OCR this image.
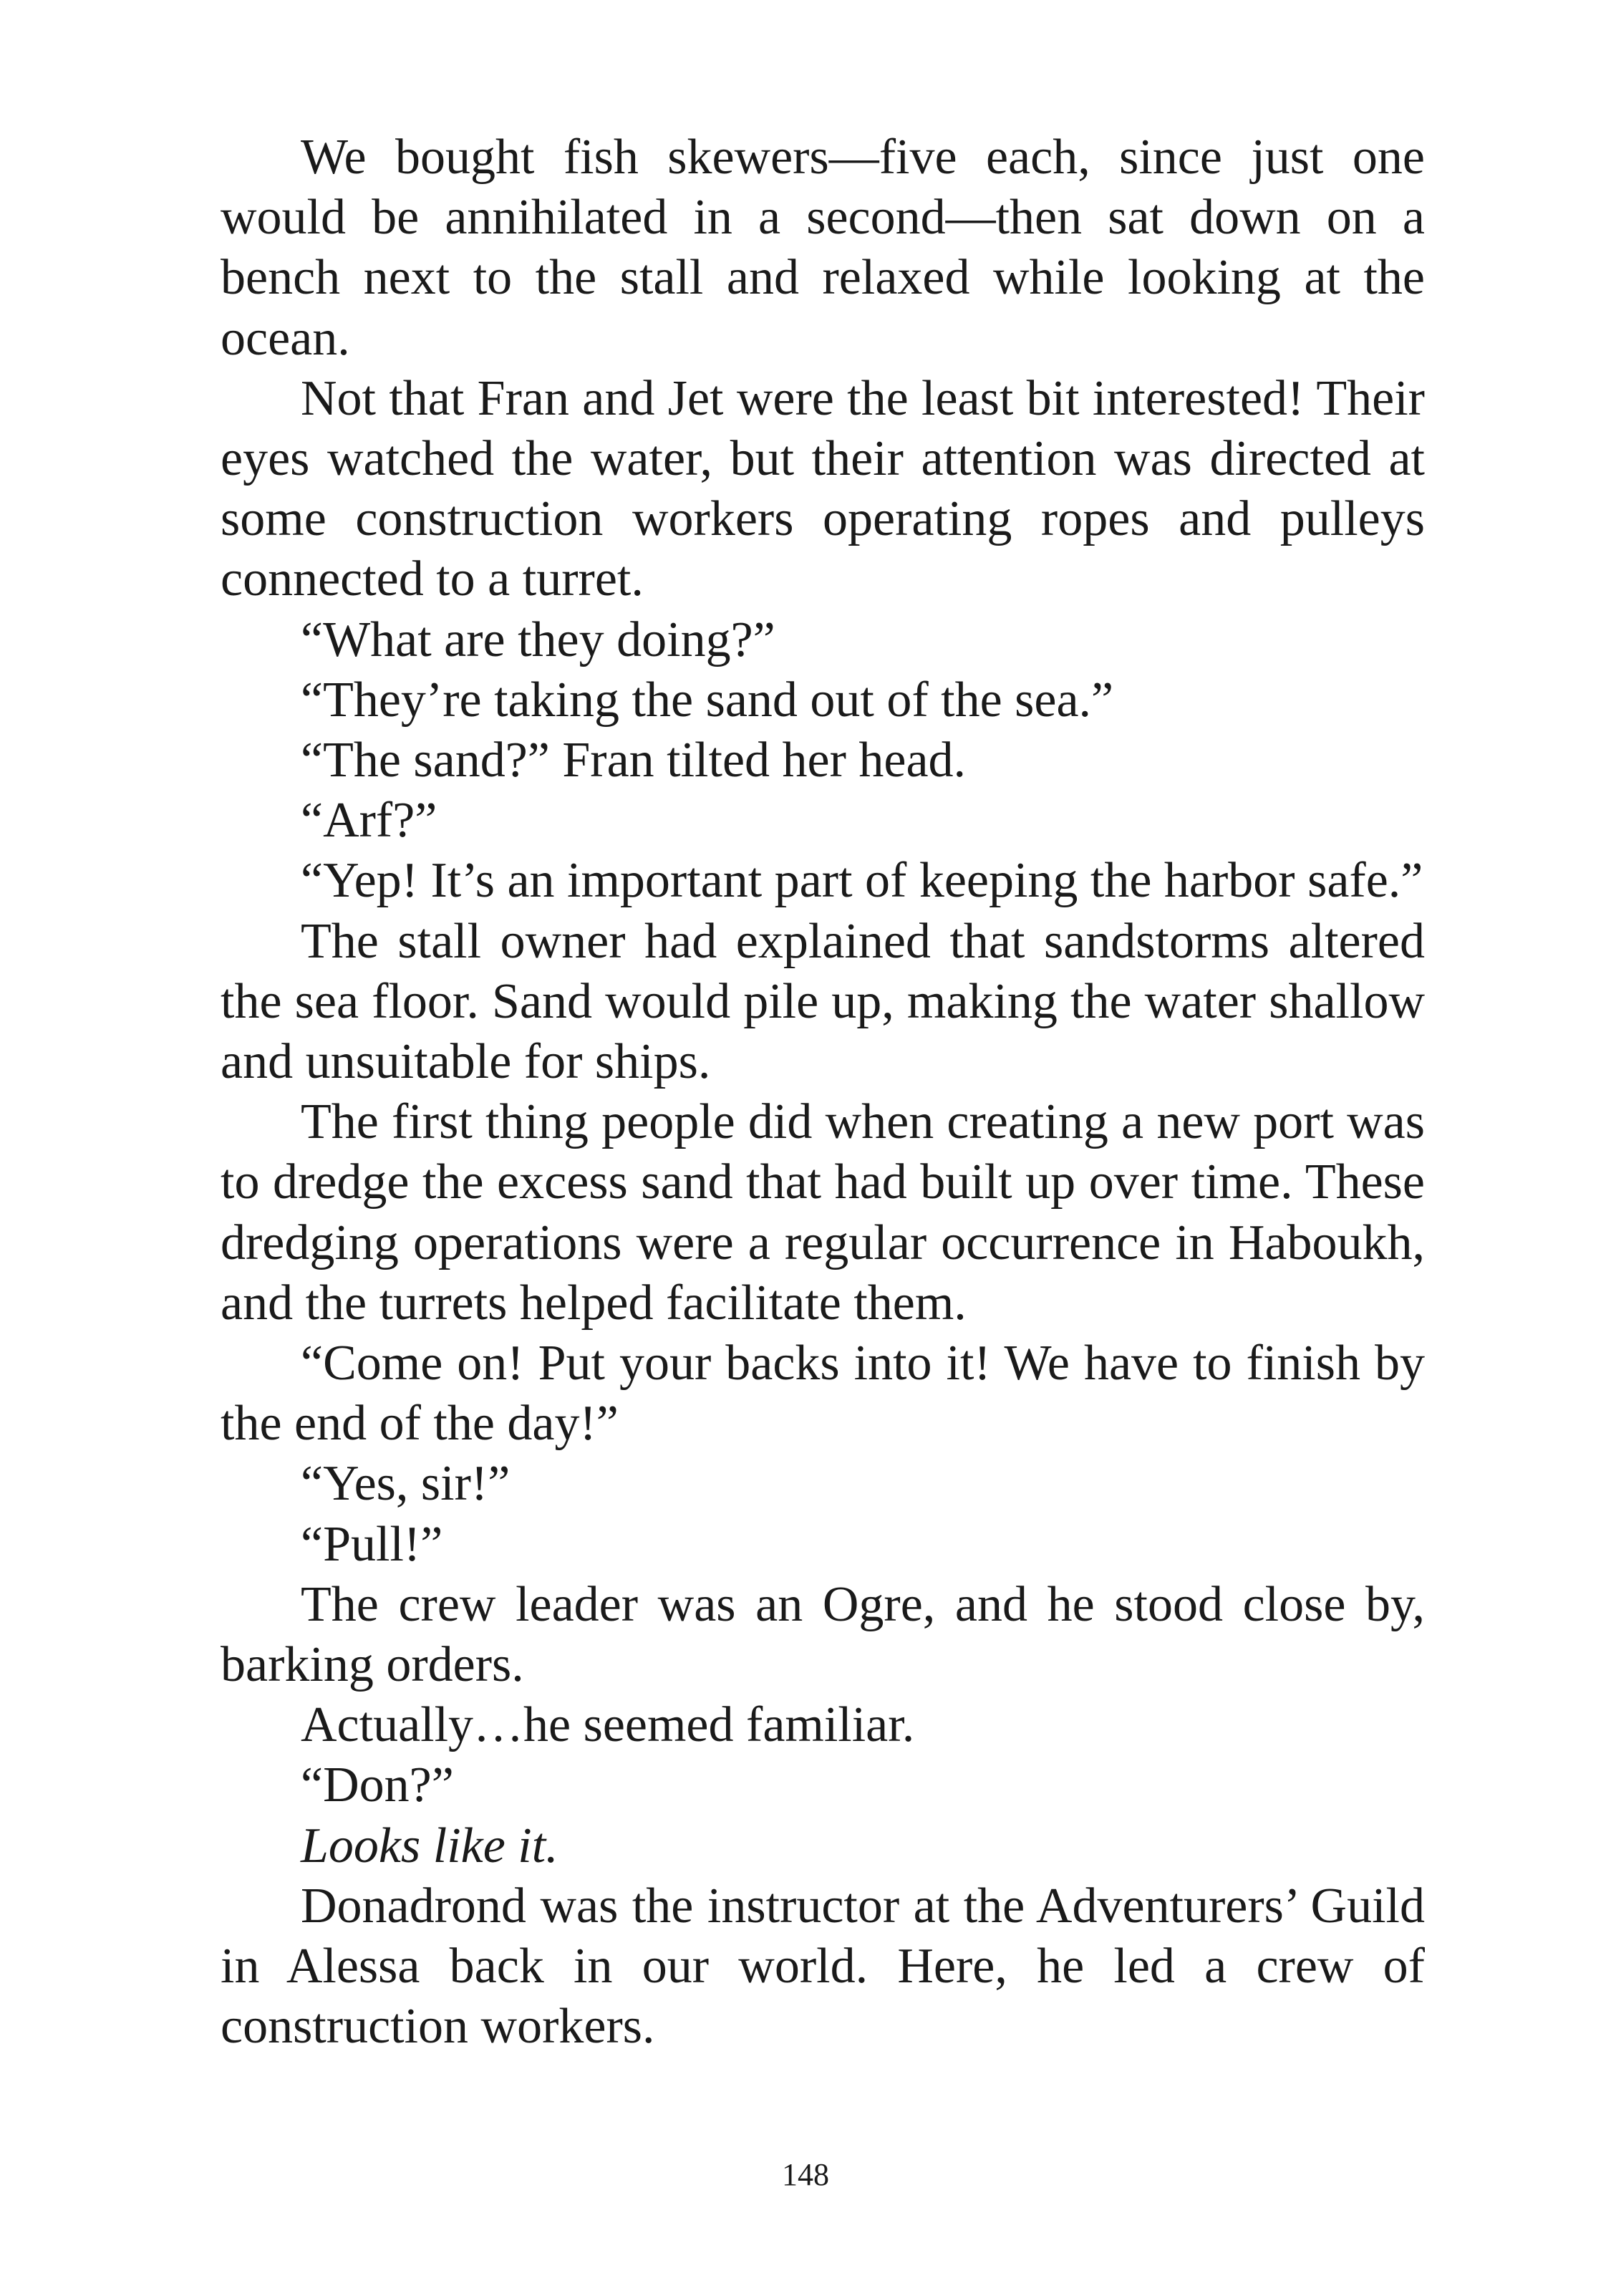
We bought fish skewers—five each, since just one would be annihilated in a second—then sat down on a bench next to the stall and relaxed while looking at the ocean.

Not that Fran and Jet were the least bit interested! Their eyes watched the water, but their attention was directed at some construction workers operating ropes and pulleys connected to a turret.

“What are they doing?”

“They’re taking the sand out of the sea.”

“The sand?” Fran tilted her head.

“Arf?”

“Yep! It’s an important part of keeping the harbor safe.”

The stall owner had explained that sandstorms altered the sea floor. Sand would pile up, making the water shallow and unsuitable for ships.

The first thing people did when creating a new port was to dredge the excess sand that had built up over time. These dredging operations were a regular occurrence in Haboukh, and the turrets helped facilitate them.

“Come on! Put your backs into it! We have to finish by the end of the day!”

“Yes, sir!”

“Pull!”

The crew leader was an Ogre, and he stood close by, barking orders.

Actually…he seemed familiar.

“Don?”

Looks like it.

Donadrond was the instructor at the Adventurers’ Guild in Alessa back in our world. Here, he led a crew of construction workers.

148
